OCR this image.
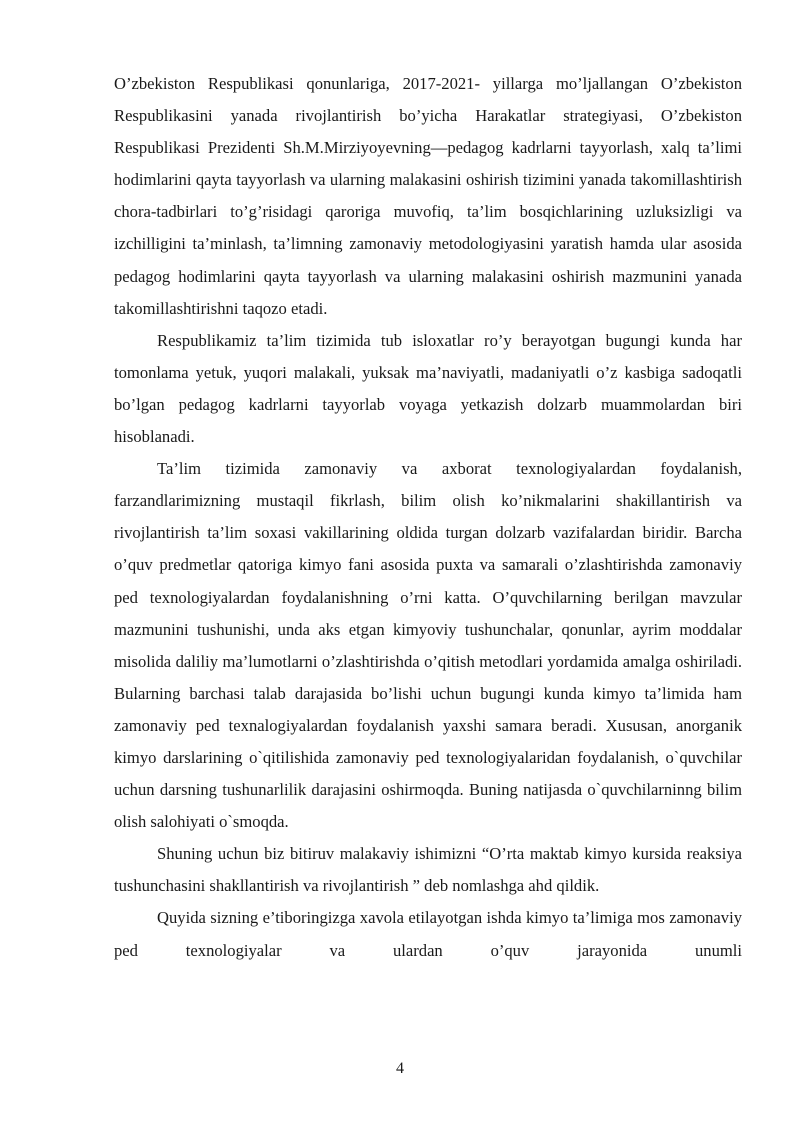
O’zbekiston Respublikasi qonunlariga, 2017-2021- yillarga mo’ljallangan O’zbekiston Respublikasini yanada rivojlantirish bo’yicha Harakatlar strategiyasi, O’zbekiston Respublikasi Prezidenti Sh.M.Mirziyoyevning―pedagog kadrlarni tayyorlash, xalq ta’limi hodimlarini qayta tayyorlash va ularning malakasini oshirish tizimini yanada takomillashtirish chora-tadbirlari to’g’risidagi qaroriga muvofiq, ta’lim bosqichlarining uzluksizligi va izchilligini ta’minlash, ta’limning zamonaviy metodologiyasini yaratish hamda ular asosida pedagog hodimlarini qayta tayyorlash va ularning malakasini oshirish mazmunini yanada takomillashtirishni taqozo etadi.

Respublikamiz ta’lim tizimida tub isloxatlar ro’y berayotgan bugungi kunda har tomonlama yetuk, yuqori malakali, yuksak ma’naviyatli, madaniyatli o’z kasbiga sadoqatli bo’lgan pedagog kadrlarni tayyorlab voyaga yetkazish dolzarb muammolardan biri hisoblanadi.

Ta’lim tizimida zamonaviy va axborat texnologiyalardan foydalanish, farzandlarimizning mustaqil fikrlash, bilim olish ko’nikmalarini shakillantirish va rivojlantirish ta’lim soxasi vakillarining oldida turgan dolzarb vazifalardan biridir. Barcha o’quv predmetlar qatoriga kimyo fani asosida puxta va samarali o’zlashtirishda zamonaviy ped texnologiyalardan foydalanishning o’rni katta. O’quvchilarning berilgan mavzular mazmunini tushunishi, unda aks etgan kimyoviy tushunchalar, qonunlar, ayrim moddalar misolida daliliy ma’lumotlarni o’zlashtirishda o’qitish metodlari yordamida amalga oshiriladi. Bularning barchasi talab darajasida bo’lishi uchun bugungi kunda kimyo ta’limida ham zamonaviy ped texnalogiyalardan foydalanish yaxshi samara beradi. Xususan, anorganik kimyo darslarining o`qitilishida zamonaviy ped texnologiyalaridan foydalanish, o`quvchilar uchun darsning tushunarlilik darajasini oshirmoqda. Buning natijasda o`quvchilarninng bilim olish salohiyati o`smoqda.

Shuning uchun biz bitiruv malakaviy ishimizni “O’rta maktab kimyo kursida reaksiya tushunchasini shakllantirish va rivojlantirish ” deb nomlashga ahd qildik.

Quyida sizning e’tiboringizga xavola etilayotgan ishda kimyo ta’limiga mos zamonaviy ped texnologiyalar va ulardan o’quv jarayonida unumli

4
